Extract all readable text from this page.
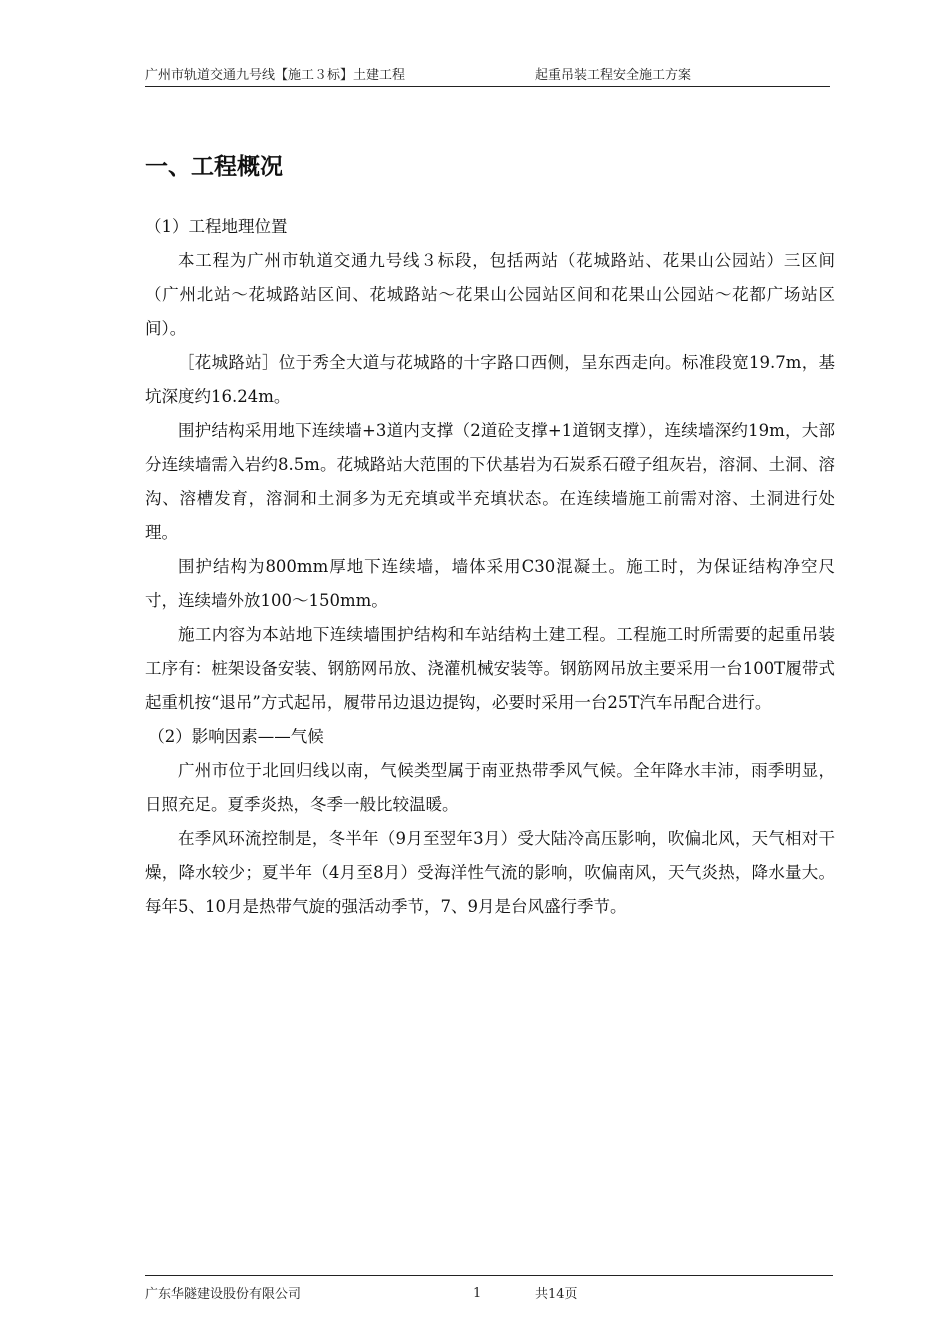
广州市轨道交通九号线【施工３标】土建工程	起重吊装工程安全施工方案
一、工程概况

（1）工程地理位置

本工程为广州市轨道交通九号线３标段，包括两站（花城路站、花果山公园站）三区间（广州北站～花城路站区间、花城路站～花果山公园站区间和花果山公园站～花都广场站区间）。

［花城路站］位于秀全大道与花城路的十字路口西侧，呈东西走向。标准段宽19.7m，基坑深度约16.24m。

围护结构采用地下连续墙+3道内支撑（2道砼支撑+1道钢支撑），连续墙深约19m，大部分连续墙需入岩约8.5m。花城路站大范围的下伏基岩为石炭系石磴子组灰岩，溶洞、土洞、溶沟、溶槽发育，溶洞和土洞多为无充填或半充填状态。在连续墙施工前需对溶、土洞进行处理。

围护结构为800mm厚地下连续墙，墙体采用C30混凝土。施工时，为保证结构净空尺寸，连续墙外放100～150mm。

施工内容为本站地下连续墙围护结构和车站结构土建工程。工程施工时所需要的起重吊装工序有：桩架设备安装、钢筋网吊放、浇灌机械安装等。钢筋网吊放主要采用一台100T履带式起重机按“退吊”方式起吊，履带吊边退边提钩，必要时采用一台25T汽车吊配合进行。

（2）影响因素——气候

广州市位于北回归线以南，气候类型属于南亚热带季风气候。全年降水丰沛，雨季明显，日照充足。夏季炎热，冬季一般比较温暖。

在季风环流控制是，冬半年（9月至翌年3月）受大陆冷高压影响，吹偏北风，天气相对干燥，降水较少；夏半年（4月至8月）受海洋性气流的影响，吹偏南风，天气炎热，降水量大。每年5、10月是热带气旋的强活动季节，7、9月是台风盛行季节。

广东华隧建设股份有限公司	1	共14页
